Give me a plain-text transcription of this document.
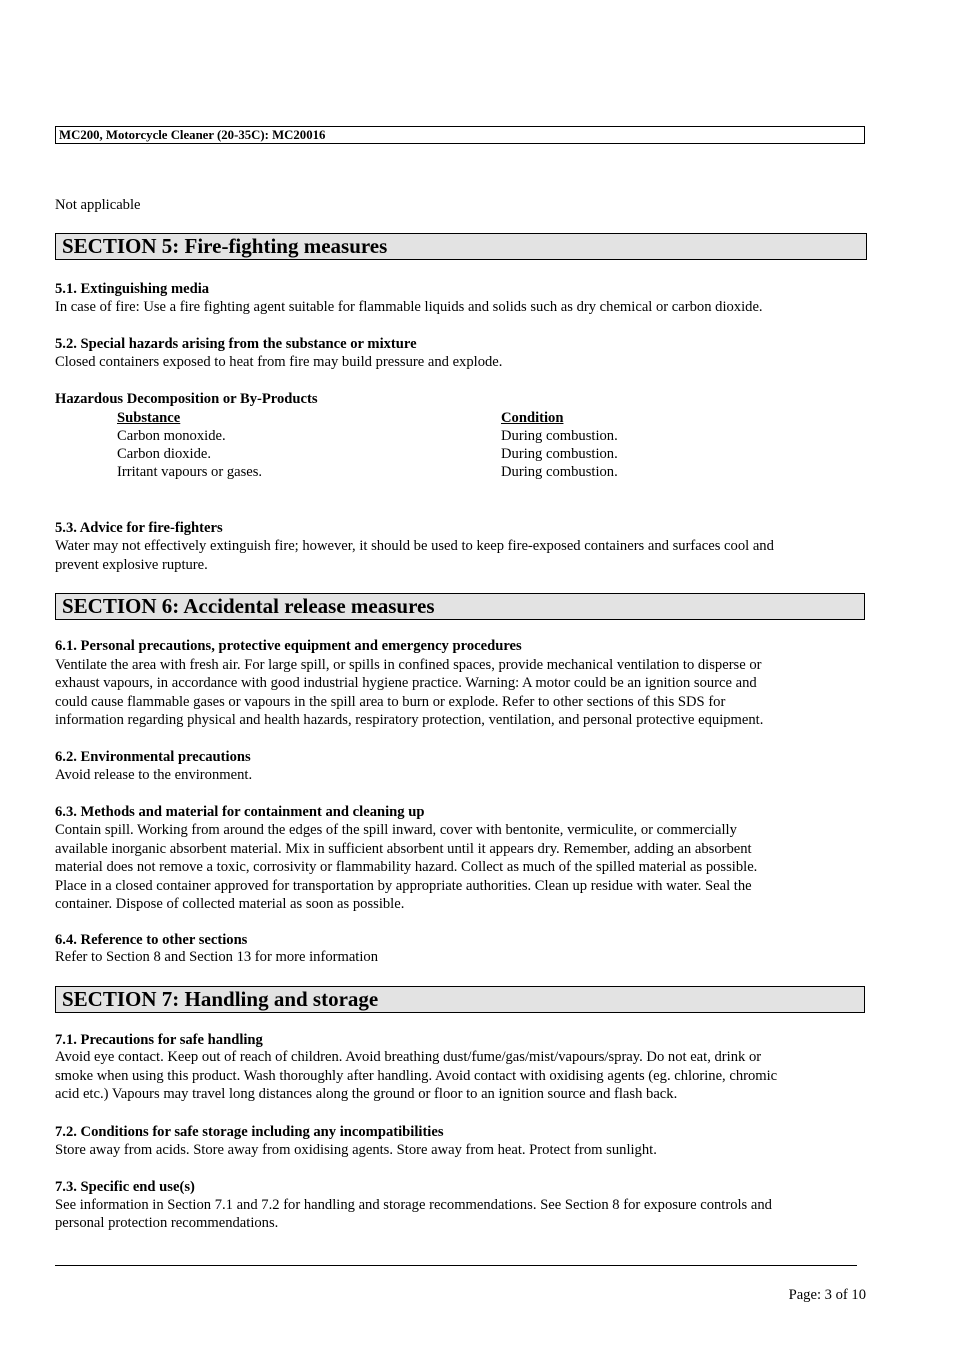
MC200, Motorcycle Cleaner (20-35C): MC20016
Not applicable
SECTION 5: Fire-fighting measures
5.1. Extinguishing media
In case of fire: Use a fire fighting agent suitable for flammable liquids and solids such as dry chemical or carbon dioxide.
5.2. Special hazards arising from the substance or mixture
Closed containers exposed to heat from fire may build pressure and explode.
Hazardous Decomposition or By-Products
Substance	Condition
Carbon monoxide.	During combustion.
Carbon dioxide.	During combustion.
Irritant vapours or gases.	During combustion.
5.3. Advice for fire-fighters
Water may not effectively extinguish fire; however, it should be used to keep fire-exposed containers and surfaces cool and
prevent explosive rupture.
SECTION 6: Accidental release measures
6.1. Personal precautions, protective equipment and emergency procedures
Ventilate the area with fresh air. For large spill, or spills in confined spaces, provide mechanical ventilation to disperse or
exhaust vapours, in accordance with good industrial hygiene practice. Warning: A motor could be an ignition source and
could cause flammable gases or vapours in the spill area to burn or explode. Refer to other sections of this SDS for
information regarding physical and health hazards, respiratory protection, ventilation, and personal protective equipment.
6.2. Environmental precautions
Avoid release to the environment.
6.3. Methods and material for containment and cleaning up
Contain spill. Working from around the edges of the spill inward, cover with bentonite, vermiculite, or commercially
available inorganic absorbent material. Mix in sufficient absorbent until it appears dry. Remember, adding an absorbent
material does not remove a toxic, corrosivity or flammability hazard. Collect as much of the spilled material as possible.
Place in a closed container approved for transportation by appropriate authorities. Clean up residue with water. Seal the
container. Dispose of collected material as soon as possible.
6.4. Reference to other sections
Refer to Section 8 and Section 13 for more information
SECTION 7: Handling and storage
7.1. Precautions for safe handling
Avoid eye contact. Keep out of reach of children. Avoid breathing dust/fume/gas/mist/vapours/spray. Do not eat, drink or
smoke when using this product. Wash thoroughly after handling. Avoid contact with oxidising agents (eg. chlorine, chromic
acid etc.) Vapours may travel long distances along the ground or floor to an ignition source and flash back.
7.2. Conditions for safe storage including any incompatibilities
Store away from acids. Store away from oxidising agents. Store away from heat. Protect from sunlight.
7.3. Specific end use(s)
See information in Section 7.1 and 7.2 for handling and storage recommendations. See Section 8 for exposure controls and
personal protection recommendations.
Page: 3 of 10
